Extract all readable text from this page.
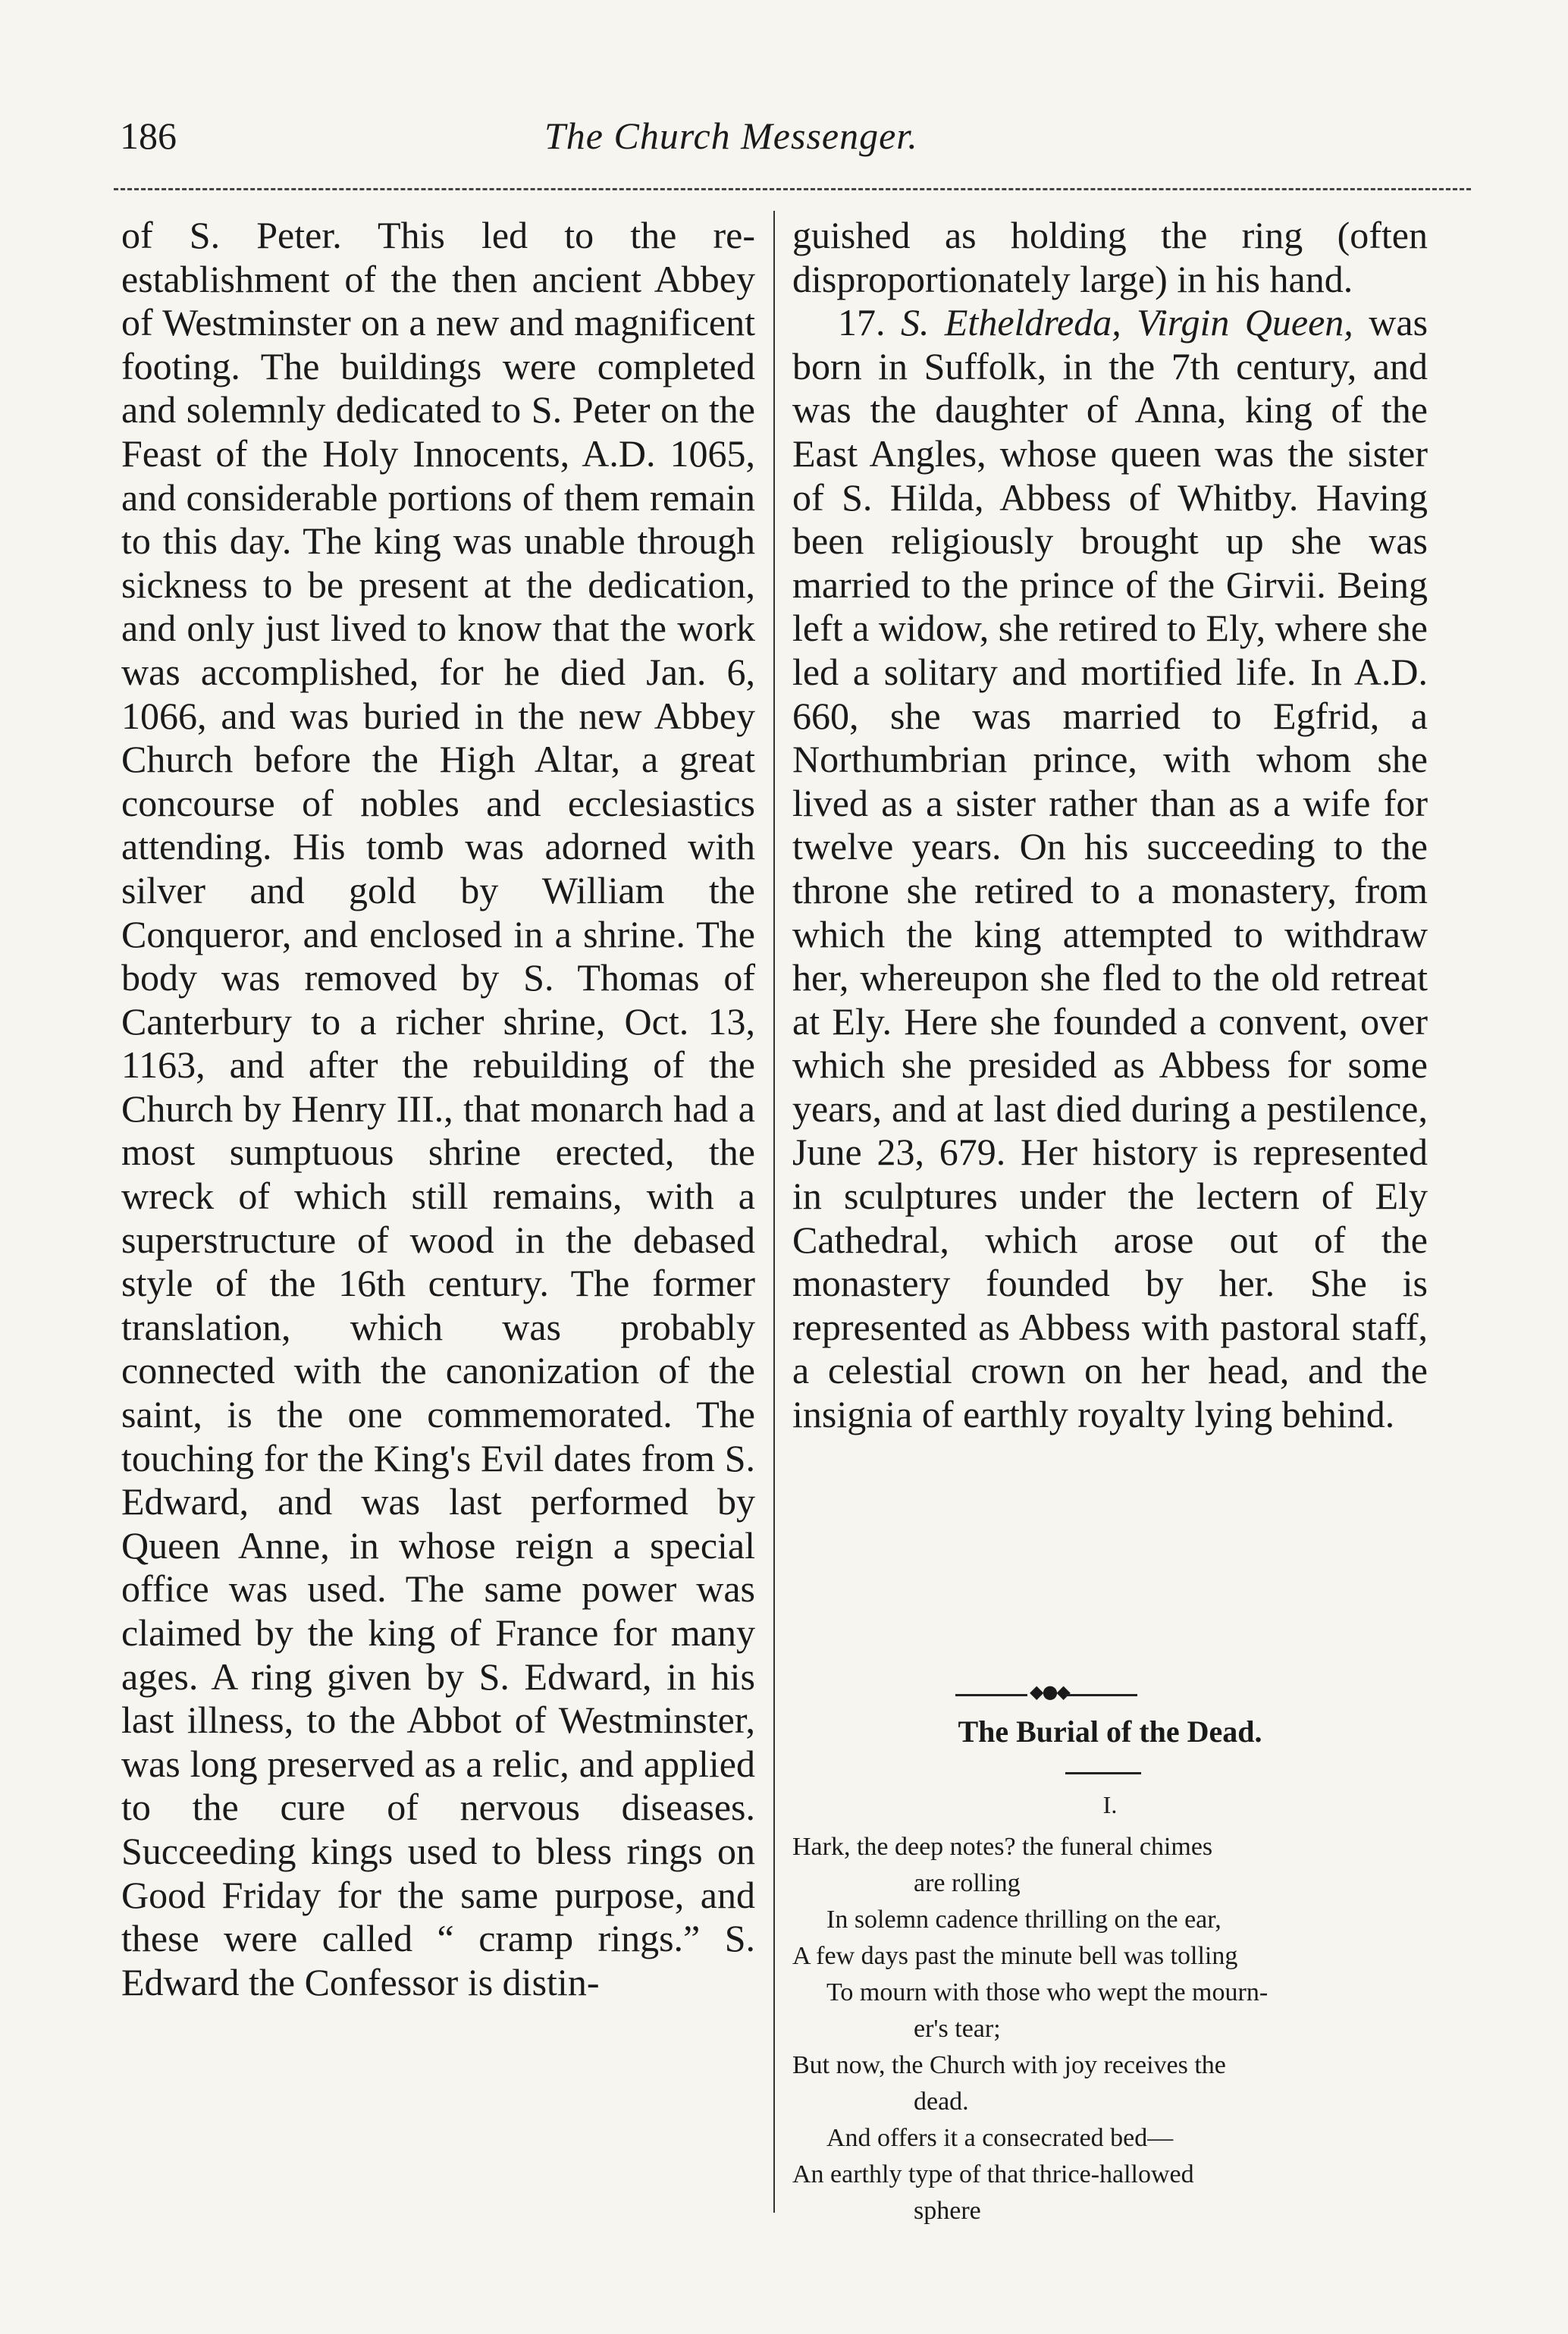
186	The Church Messenger.

of S. Peter. This led to the re-establishment of the then ancient Abbey of Westminster on a new and magnificent footing. The buildings were completed and solemnly dedicated to S. Peter on the Feast of the Holy Innocents, A.D. 1065, and considerable portions of them remain to this day. The king was unable through sickness to be present at the dedication, and only just lived to know that the work was accomplished, for he died Jan. 6, 1066, and was buried in the new Abbey Church before the High Altar, a great concourse of nobles and ecclesiastics attending. His tomb was adorned with silver and gold by William the Conqueror, and enclosed in a shrine. The body was removed by S. Thomas of Canterbury to a richer shrine, Oct. 13, 1163, and after the rebuilding of the Church by Henry III., that monarch had a most sumptuous shrine erected, the wreck of which still remains, with a superstructure of wood in the debased style of the 16th century. The former translation, which was probably connected with the canonization of the saint, is the one commemorated. The touching for the King's Evil dates from S. Edward, and was last performed by Queen Anne, in whose reign a special office was used. The same power was claimed by the king of France for many ages. A ring given by S. Edward, in his last illness, to the Abbot of Westminster, was long preserved as a relic, and applied to the cure of nervous diseases. Succeeding kings used to bless rings on Good Friday for the same purpose, and these were called “ cramp rings.” S. Edward the Confessor is distin-

guished as holding the ring (often disproportionately large) in his hand.

17. S. Etheldreda, Virgin Queen, was born in Suffolk, in the 7th century, and was the daughter of Anna, king of the East Angles, whose queen was the sister of S. Hilda, Abbess of Whitby. Having been religiously brought up she was married to the prince of the Girvii. Being left a widow, she retired to Ely, where she led a solitary and mortified life. In A.D. 660, she was married to Egfrid, a Northumbrian prince, with whom she lived as a sister rather than as a wife for twelve years. On his succeeding to the throne she retired to a monastery, from which the king attempted to withdraw her, whereupon she fled to the old retreat at Ely. Here she founded a convent, over which she presided as Abbess for some years, and at last died during a pestilence, June 23, 679. Her history is represented in sculptures under the lectern of Ely Cathedral, which arose out of the monastery founded by her. She is represented as Abbess with pastoral staff, a celestial crown on her head, and the insignia of earthly royalty lying behind.

◆●◆
The Burial of the Dead.
I.
Hark, the deep notes? the funeral chimes
are rolling
In solemn cadence thrilling on the ear,
A few days past the minute bell was tolling
To mourn with those who wept the mourn-
er's tear;
But now, the Church with joy receives the
dead.
And offers it a consecrated bed—
An earthly type of that thrice-hallowed
sphere
